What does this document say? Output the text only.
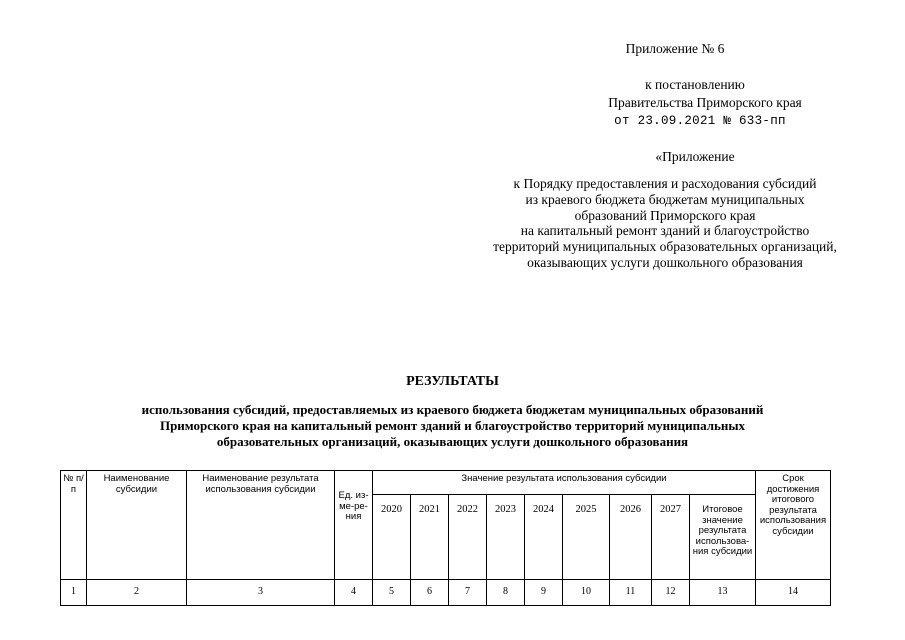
Приложение № 6
к постановлению
Правительства Приморского края
от 23.09.2021 № 633-пп
«Приложение
к Порядку предоставления и расходования субсидий
из краевого бюджета бюджетам муниципальных
образований Приморского края
на капитальный ремонт зданий и благоустройство
территорий муниципальных образовательных организаций,
оказывающих услуги дошкольного образования
РЕЗУЛЬТАТЫ
использования субсидий, предоставляемых из краевого бюджета бюджетам муниципальных образований
Приморского края на капитальный ремонт зданий и благоустройство территорий муниципальных
образовательных организаций, оказывающих услуги дошкольного образования
№ п/п	Наименование субсидии	Наименование результата использования субсидии	Ед. из-ме-ре-ния	Значение результата использования субсидии									Срок достижения итогового результата использования субсидии
				2020	2021	2022	2023	2024	2025	2026	2027	Итоговое значение результата использова-ния субсидии	
1	2	3	4	5	6	7	8	9	10	11	12	13	14
